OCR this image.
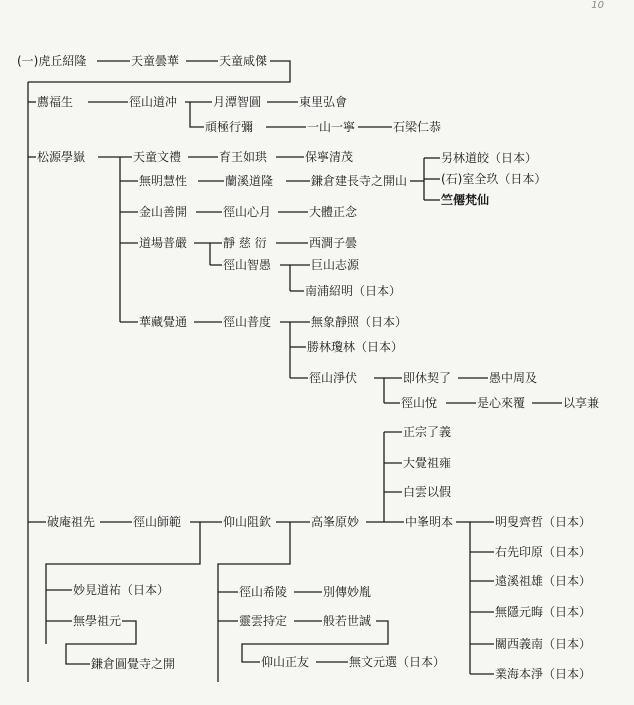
10
(一)虎丘紹隆	天童曇華	天童咸傑
薦福生	徑山道冲	月潭智圓	東里弘會
頑極行彌	一山一寧	石梁仁恭
松源學嶽	天童文禮	育王如珙	保寧清茂	另林道皎（日本）
無明慧性	蘭溪道隆	鎌倉建長寺之開山	(石)室全玖（日本）
竺僊梵仙
金山善開	徑山心月	大體正念
道場普嚴	靜 慈 衍	西澗子曇
徑山智愚	巨山志源
南浦紹明（日本）
華藏覺通	徑山普度	無象靜照（日本）
勝林瓊林（日本）
徑山淨伏	即休契了	愚中周及
徑山悅	是心來覆	以享兼
正宗了義
大覺祖雍
白雲以假
破庵祖先	徑山師範	仰山阻欽	高峯原妙	中峯明本	明叟齊哲（日本）
右先印原（日本）
遠溪祖雄（日本）
無隱元晦（日本）
關西義南（日本）
業海本淨（日本）
妙見道祐（日本）
無學祖元
鎌倉圓覺寺之開
徑山希陵	別傳妙胤
靈雲持定	般若世誠
仰山正友	無文元選（日本）
